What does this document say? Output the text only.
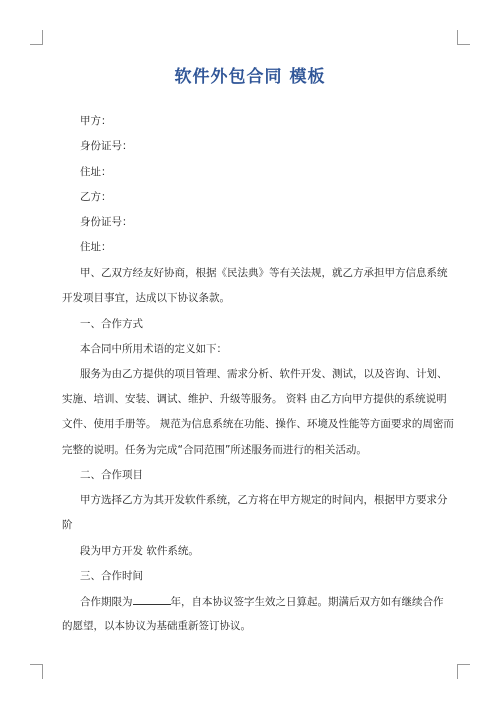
软件外包合同 模板
甲方：
身份证号：
住址：
乙方：
身份证号：
住址：
甲、乙双方经友好协商，根据《民法典》等有关法规，就乙方承担甲方信息系统
开发项目事宜，达成以下协议条款。
一、合作方式
本合同中所用术语的定义如下：
服务为由乙方提供的项目管理、需求分析、软件开发、测试，以及咨询、计划、
实施、培训、安装、调试、维护、升级等服务。 资料 由乙方向甲方提供的系统说明
文件、使用手册等。 规范为信息系统在功能、操作、环境及性能等方面要求的周密而
完整的说明。任务为完成“合同范围”所述服务而进行的相关活动。
二、合作项目
甲方选择乙方为其开发软件系统，乙方将在甲方规定的时间内，根据甲方要求分
阶
段为甲方开发 软件系统。
三、合作时间
合作期限为	年，自本协议签字生效之日算起。期满后双方如有继续合作
的愿望，以本协议为基础重新签订协议。
